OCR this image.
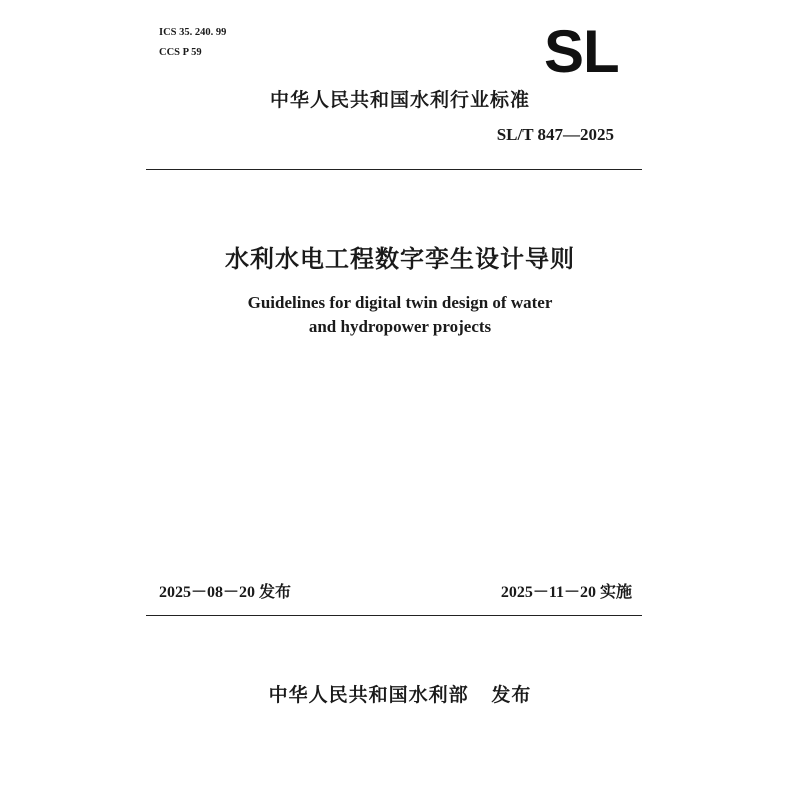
ICS 35. 240. 99
CCS P 59	SL
中华人民共和国水利行业标准
SL/T 847—2025
水利水电工程数字孪生设计导则
Guidelines for digital twin design of water
and hydropower projects
2025－08－20 发布	2025－11－20 实施
中华人民共和国水利部   发布
